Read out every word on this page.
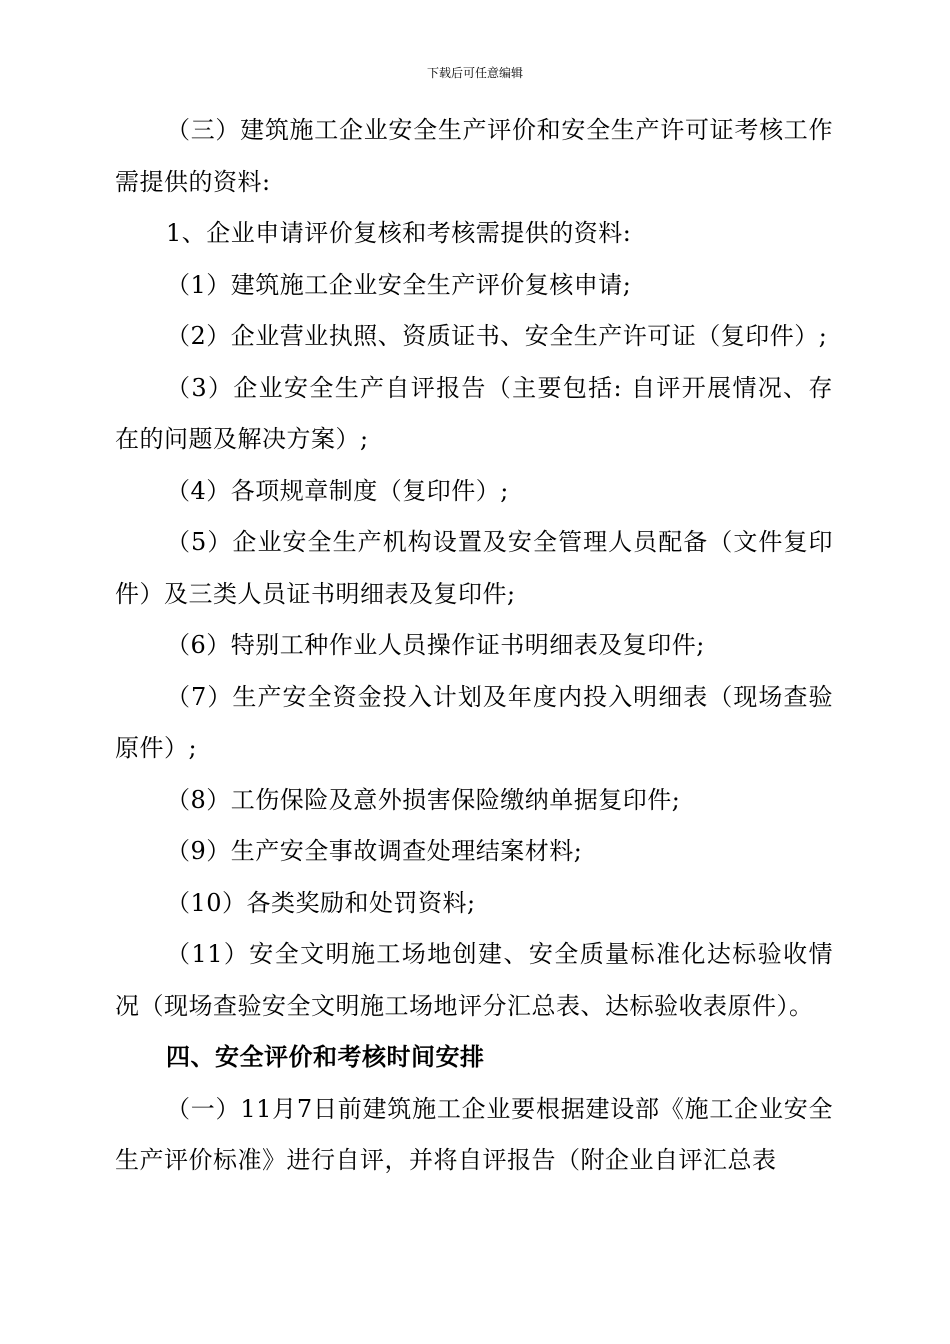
下载后可任意编辑

（三）建筑施工企业安全生产评价和安全生产许可证考核工作需提供的资料:

1、企业申请评价复核和考核需提供的资料:

（1）建筑施工企业安全生产评价复核申请;

（2）企业营业执照、资质证书、安全生产许可证（复印件）;

（3）企业安全生产自评报告（主要包括: 自评开展情况、存在的问题及解决方案）;

（4）各项规章制度（复印件）;

（5）企业安全生产机构设置及安全管理人员配备（文件复印件）及三类人员证书明细表及复印件;

（6）特别工种作业人员操作证书明细表及复印件;

（7）生产安全资金投入计划及年度内投入明细表（现场查验原件）;

（8）工伤保险及意外损害保险缴纳单据复印件;

（9）生产安全事故调查处理结案材料;

（10）各类奖励和处罚资料;

（11）安全文明施工场地创建、安全质量标准化达标验收情况（现场查验安全文明施工场地评分汇总表、达标验收表原件）。

四、安全评价和考核时间安排

（一）11月7日前建筑施工企业要根据建设部《施工企业安全生产评价标准》进行自评，并将自评报告（附企业自评汇总表
